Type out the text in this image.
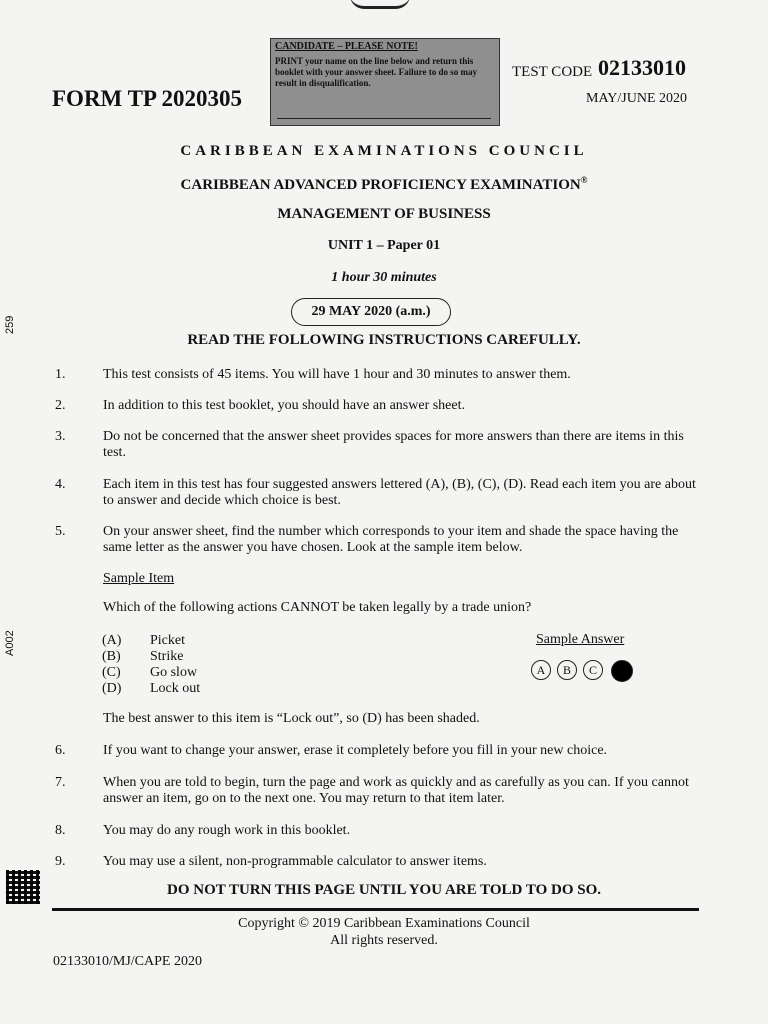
FORM TP 2020305
CANDIDATE – PLEASE NOTE!
PRINT your name on the line below and return this booklet with your answer sheet. Failure to do so may result in disqualification.
TEST CODE 02133010
MAY/JUNE 2020
CARIBBEAN EXAMINATIONS COUNCIL
CARIBBEAN ADVANCED PROFICIENCY EXAMINATION®
MANAGEMENT OF BUSINESS
UNIT 1 – Paper 01
1 hour 30 minutes
29 MAY 2020 (a.m.)
READ THE FOLLOWING INSTRUCTIONS CAREFULLY.
259
A002
1.	This test consists of 45 items. You will have 1 hour and 30 minutes to answer them.
2.	In addition to this test booklet, you should have an answer sheet.
3.	Do not be concerned that the answer sheet provides spaces for more answers than there are items in this test.
4.	Each item in this test has four suggested answers lettered (A), (B), (C), (D). Read each item you are about to answer and decide which choice is best.
5.	On your answer sheet, find the number which corresponds to your item and shade the space having the same letter as the answer you have chosen. Look at the sample item below.
Sample Item
Which of the following actions CANNOT be taken legally by a trade union?
(A) Picket
(B) Strike
(C) Go slow
(D) Lock out
Sample Answer
A	B	C
The best answer to this item is “Lock out”, so (D) has been shaded.
6.	If you want to change your answer, erase it completely before you fill in your new choice.
7.	When you are told to begin, turn the page and work as quickly and as carefully as you can. If you cannot answer an item, go on to the next one. You may return to that item later.
8.	You may do any rough work in this booklet.
9.	You may use a silent, non-programmable calculator to answer items.
DO NOT TURN THIS PAGE UNTIL YOU ARE TOLD TO DO SO.
Copyright © 2019 Caribbean Examinations Council
All rights reserved.
02133010/MJ/CAPE 2020
